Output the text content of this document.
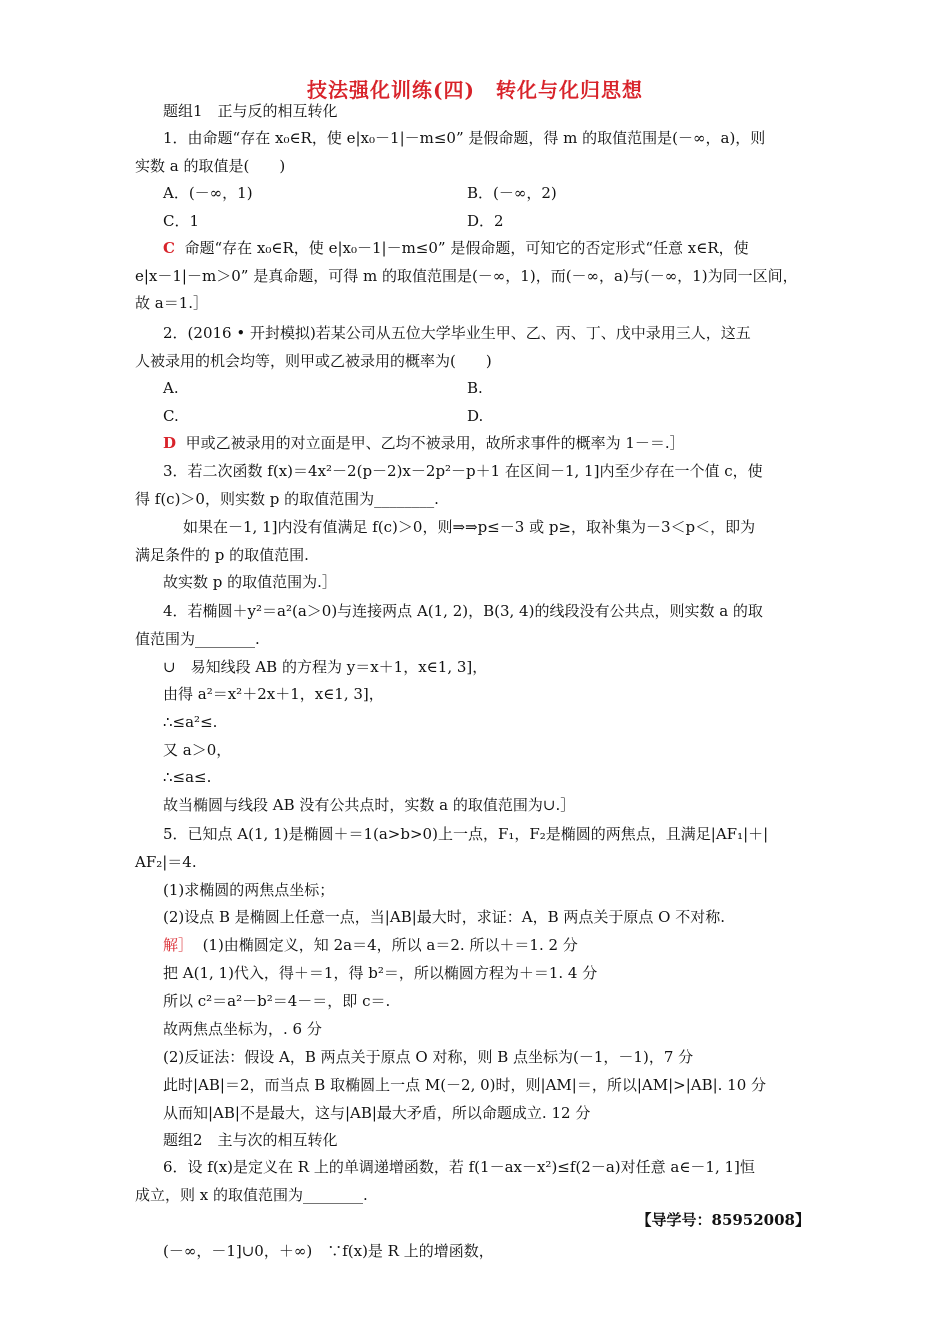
技法强化训练(四)　转化与化归思想
题组1　正与反的相互转化
1．由命题“存在 x₀∈R，使 e|x₀－1|－m≤0” 是假命题，得 m 的取值范围是(－∞，a)，则
实数 a 的取值是(　　)
A．(－∞，1)	B．(－∞，2)
C．1	D．2
C 命题“存在 x₀∈R，使 e|x₀－1|－m≤0” 是假命题，可知它的否定形式“任意 x∈R，使
e|x－1|－m＞0” 是真命题，可得 m 的取值范围是(－∞，1)，而(－∞，a)与(－∞，1)为同一区间，
故 a＝1.］
2．(2016 • 开封模拟)若某公司从五位大学毕业生甲、乙、丙、丁、戊中录用三人，这五
人被录用的机会均等，则甲或乙被录用的概率为(　　)
A.	B.
C.	D.
D 甲或乙被录用的对立面是甲、乙均不被录用，故所求事件的概率为 1－＝.］
3．若二次函数 f(x)＝4x²－2(p－2)x－2p²－p＋1 在区间－1, 1]内至少存在一个值 c，使
得 f(c)＞0，则实数 p 的取值范围为________.
如果在－1, 1]内没有值满足 f(c)＞0，则⇒⇒p≤－3 或 p≥，取补集为－3＜p＜，即为
满足条件的 p 的取值范围.
故实数 p 的取值范围为.］
4．若椭圆＋y²＝a²(a＞0)与连接两点 A(1, 2)，B(3, 4)的线段没有公共点，则实数 a 的取
值范围为________.
∪　易知线段 AB 的方程为 y＝x＋1，x∈1, 3]，
由得 a²＝x²＋2x＋1，x∈1, 3]，
∴≤a²≤.
又 a＞0，
∴≤a≤.
故当椭圆与线段 AB 没有公共点时，实数 a 的取值范围为∪.］
5．已知点 A(1, 1)是椭圆＋＝1(a>b>0)上一点，F₁，F₂是椭圆的两焦点，且满足|AF₁|＋|
AF₂|＝4.
(1)求椭圆的两焦点坐标；
(2)设点 B 是椭圆上任意一点，当|AB|最大时，求证：A，B 两点关于原点 O 不对称.
解］ (1)由椭圆定义，知 2a＝4，所以 a＝2. 所以＋＝1. 2 分
把 A(1, 1)代入，得＋＝1，得 b²＝，所以椭圆方程为＋＝1. 4 分
所以 c²＝a²－b²＝4－＝，即 c＝.
故两焦点坐标为，. 6 分
(2)反证法：假设 A，B 两点关于原点 O 对称，则 B 点坐标为(－1，－1)，7 分
此时|AB|＝2，而当点 B 取椭圆上一点 M(－2, 0)时，则|AM|＝，所以|AM|>|AB|. 10 分
从而知|AB|不是最大，这与|AB|最大矛盾，所以命题成立. 12 分
题组2　主与次的相互转化
6．设 f(x)是定义在 R 上的单调递增函数，若 f(1－ax－x²)≤f(2－a)对任意 a∈－1, 1]恒
成立，则 x 的取值范围为________.
【导学号：85952008】
(－∞，－1]∪0，＋∞)　∵f(x)是 R 上的增函数，
